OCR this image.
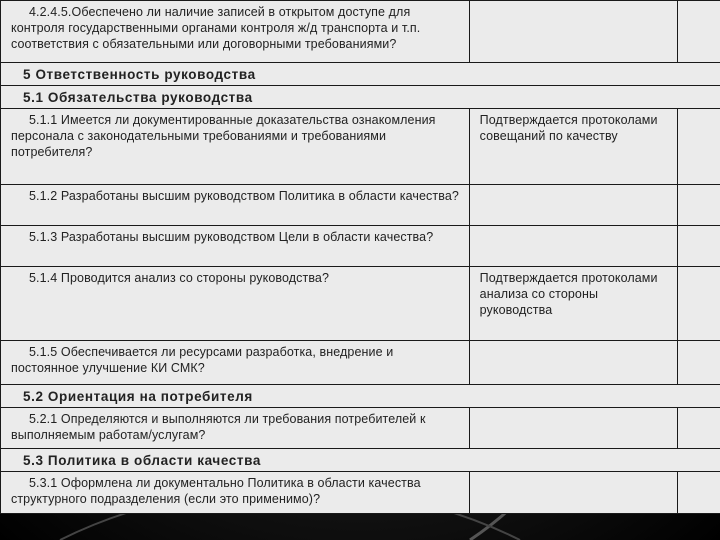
4.2.4.5.Обеспечено ли наличие записей в открытом доступе для контроля государственными органами контроля ж/д транспорта и т.п. соответствия с обязательными или договорными требованиями?		
5 Ответственность руководства		
5.1 Обязательства руководства		
5.1.1 Имеется ли документированные доказательства ознакомления персонала с законодательными требованиями и требованиями потребителя?	Подтверждается протоколами совещаний по качеству	
5.1.2 Разработаны высшим руководством Политика в области качества?		
5.1.3 Разработаны высшим руководством Цели в области качества?		
5.1.4 Проводится анализ со стороны руководства?	Подтверждается протоколами анализа со стороны руководства	
5.1.5 Обеспечивается ли ресурсами разработка, внедрение и постоянное улучшение КИ СМК?		
5.2 Ориентация на потребителя		
5.2.1 Определяются и выполняются ли требования потребителей к выполняемым работам/услугам?		
5.3 Политика в области качества		
5.3.1 Оформлена ли документально Политика в области качества структурного подразделения (если это применимо)?		
